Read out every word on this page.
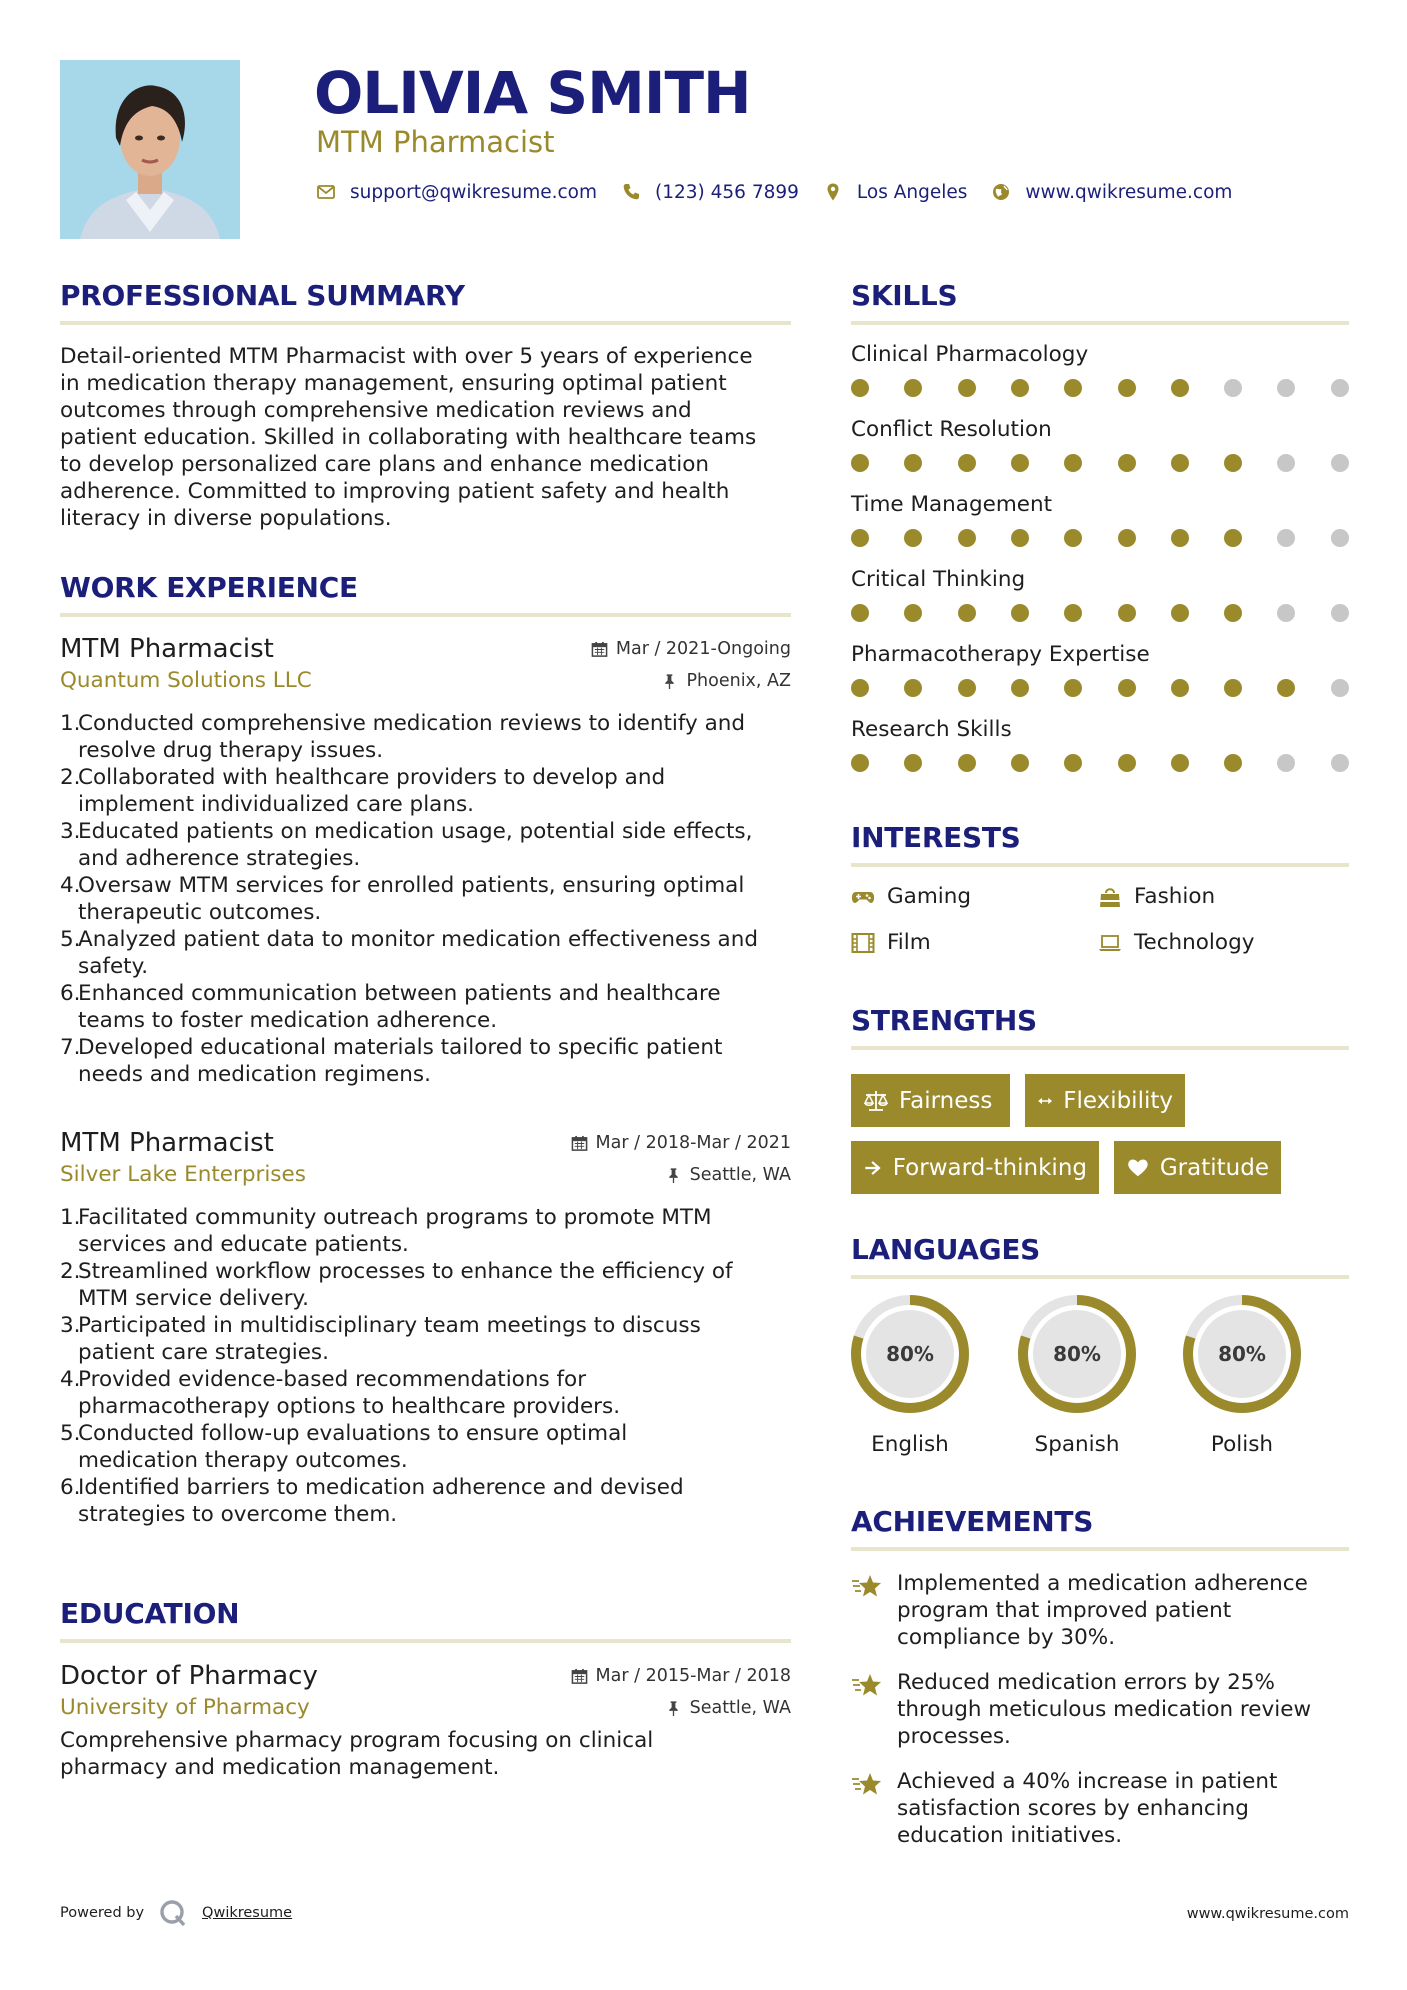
OLIVIA SMITH
MTM Pharmacist
support@qwikresume.com	(123) 456 7899	Los Angeles	www.qwikresume.com
PROFESSIONAL SUMMARY
Detail-oriented MTM Pharmacist with over 5 years of experience
in medication therapy management, ensuring optimal patient
outcomes through comprehensive medication reviews and
patient education. Skilled in collaborating with healthcare teams
to develop personalized care plans and enhance medication
adherence. Committed to improving patient safety and health
literacy in diverse populations.
WORK EXPERIENCE
MTM Pharmacist	Mar / 2021-Ongoing
Quantum Solutions LLC	Phoenix, AZ
1.
Conducted comprehensive medication reviews to identify and
resolve drug therapy issues.
2.
Collaborated with healthcare providers to develop and
implement individualized care plans.
3.
Educated patients on medication usage, potential side effects,
and adherence strategies.
4.
Oversaw MTM services for enrolled patients, ensuring optimal
therapeutic outcomes.
5.
Analyzed patient data to monitor medication effectiveness and
safety.
6.
Enhanced communication between patients and healthcare
teams to foster medication adherence.
7.
Developed educational materials tailored to specific patient
needs and medication regimens.
MTM Pharmacist	Mar / 2018-Mar / 2021
Silver Lake Enterprises	Seattle, WA
1.
Facilitated community outreach programs to promote MTM
services and educate patients.
2.
Streamlined workflow processes to enhance the efficiency of
MTM service delivery.
3.
Participated in multidisciplinary team meetings to discuss
patient care strategies.
4.
Provided evidence-based recommendations for
pharmacotherapy options to healthcare providers.
5.
Conducted follow-up evaluations to ensure optimal
medication therapy outcomes.
6.
Identified barriers to medication adherence and devised
strategies to overcome them.
EDUCATION
Doctor of Pharmacy	Mar / 2015-Mar / 2018
University of Pharmacy	Seattle, WA
Comprehensive pharmacy program focusing on clinical
pharmacy and medication management.
SKILLS
Clinical Pharmacology
Conflict Resolution
Time Management
Critical Thinking
Pharmacotherapy Expertise
Research Skills
INTERESTS
Gaming	Fashion
Film	Technology
STRENGTHS
Fairness	Flexibility
Forward-thinking	Gratitude
LANGUAGES
80%
English
80%
Spanish
80%
Polish
ACHIEVEMENTS
Implemented a medication adherence
program that improved patient
compliance by 30%.
Reduced medication errors by 25%
through meticulous medication review
processes.
Achieved a 40% increase in patient
satisfaction scores by enhancing
education initiatives.
Powered by	Qwikresume	www.qwikresume.com
